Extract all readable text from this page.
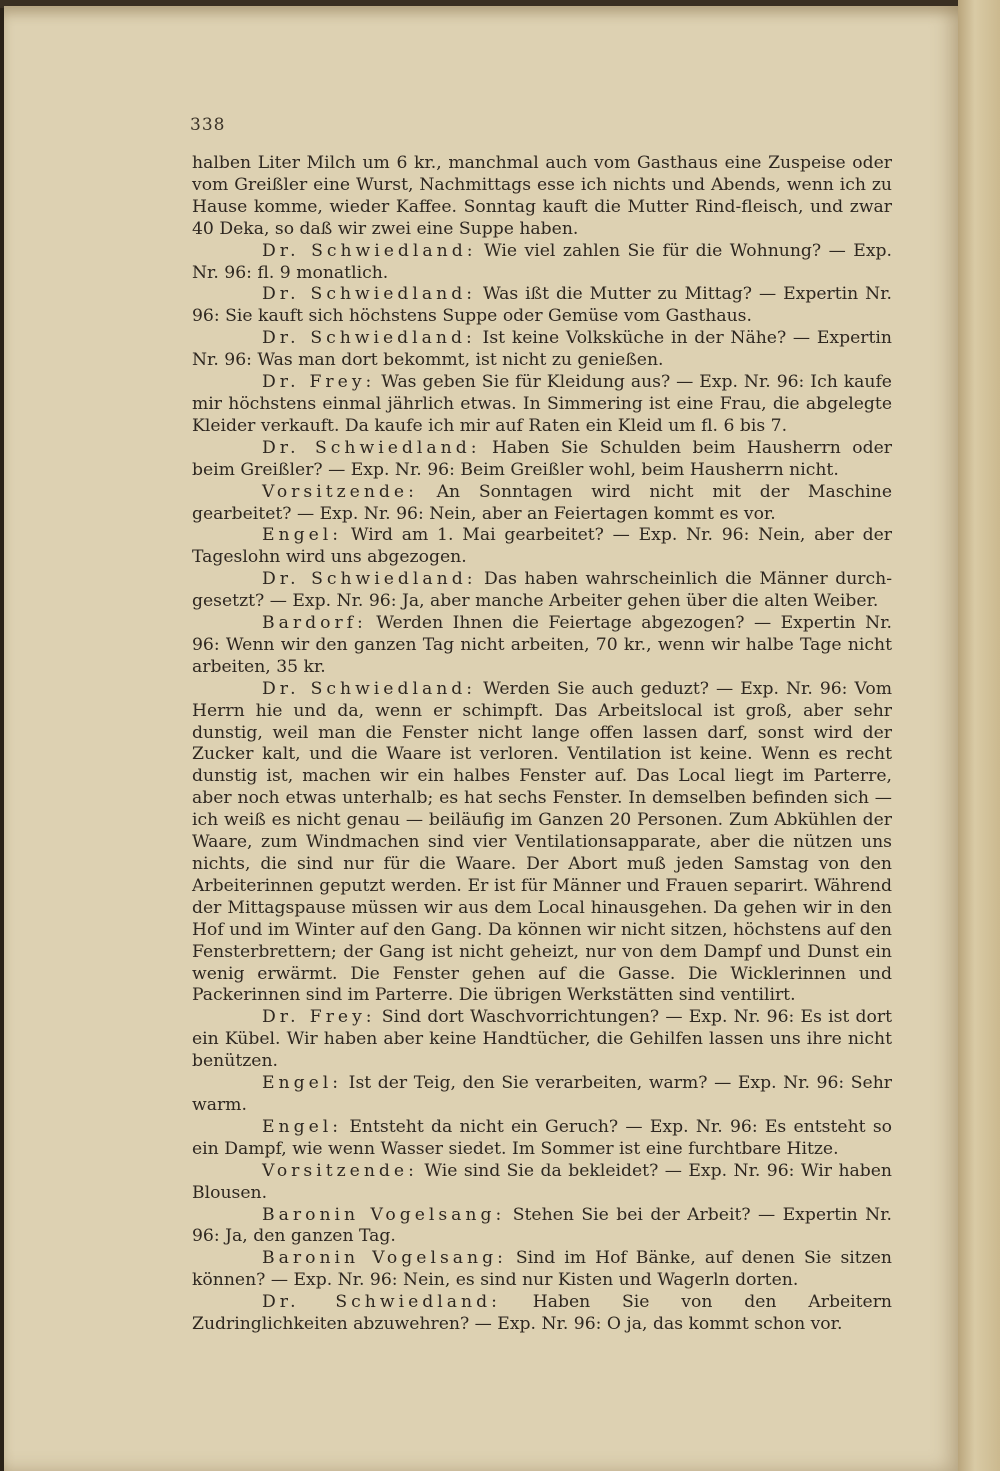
338

halben Liter Milch um 6 kr., manchmal auch vom Gasthaus eine Zuspeise oder vom Greißler eine Wurst, Nachmittags esse ich nichts und Abends, wenn ich zu Hause komme, wieder Kaffee. Sonntag kauft die Mutter Rind-fleisch, und zwar 40 Deka, so daß wir zwei eine Suppe haben.

Dr. Schwiedland: Wie viel zahlen Sie für die Wohnung? — Exp. Nr. 96: fl. 9 monatlich.

Dr. Schwiedland: Was ißt die Mutter zu Mittag? — Expertin Nr. 96: Sie kauft sich höchstens Suppe oder Gemüse vom Gasthaus.

Dr. Schwiedland: Ist keine Volksküche in der Nähe? — Expertin Nr. 96: Was man dort bekommt, ist nicht zu genießen.

Dr. Frey: Was geben Sie für Kleidung aus? — Exp. Nr. 96: Ich kaufe mir höchstens einmal jährlich etwas. In Simmering ist eine Frau, die abgelegte Kleider verkauft. Da kaufe ich mir auf Raten ein Kleid um fl. 6 bis 7.

Dr. Schwiedland: Haben Sie Schulden beim Hausherrn oder beim Greißler? — Exp. Nr. 96: Beim Greißler wohl, beim Hausherrn nicht.

Vorsitzende: An Sonntagen wird nicht mit der Maschine gearbeitet? — Exp. Nr. 96: Nein, aber an Feiertagen kommt es vor.

Engel: Wird am 1. Mai gearbeitet? — Exp. Nr. 96: Nein, aber der Tageslohn wird uns abgezogen.

Dr. Schwiedland: Das haben wahrscheinlich die Männer durch-gesetzt? — Exp. Nr. 96: Ja, aber manche Arbeiter gehen über die alten Weiber.

Bardorf: Werden Ihnen die Feiertage abgezogen? — Expertin Nr. 96: Wenn wir den ganzen Tag nicht arbeiten, 70 kr., wenn wir halbe Tage nicht arbeiten, 35 kr.

Dr. Schwiedland: Werden Sie auch geduzt? — Exp. Nr. 96: Vom Herrn hie und da, wenn er schimpft. Das Arbeitslocal ist groß, aber sehr dunstig, weil man die Fenster nicht lange offen lassen darf, sonst wird der Zucker kalt, und die Waare ist verloren. Ventilation ist keine. Wenn es recht dunstig ist, machen wir ein halbes Fenster auf. Das Local liegt im Parterre, aber noch etwas unterhalb; es hat sechs Fenster. In demselben befinden sich — ich weiß es nicht genau — beiläufig im Ganzen 20 Personen. Zum Abkühlen der Waare, zum Windmachen sind vier Ventilationsapparate, aber die nützen uns nichts, die sind nur für die Waare. Der Abort muß jeden Samstag von den Arbeiterinnen geputzt werden. Er ist für Männer und Frauen separirt. Während der Mittagspause müssen wir aus dem Local hinausgehen. Da gehen wir in den Hof und im Winter auf den Gang. Da können wir nicht sitzen, höchstens auf den Fensterbrettern; der Gang ist nicht geheizt, nur von dem Dampf und Dunst ein wenig erwärmt. Die Fenster gehen auf die Gasse. Die Wicklerinnen und Packerinnen sind im Parterre. Die übrigen Werkstätten sind ventilirt.

Dr. Frey: Sind dort Waschvorrichtungen? — Exp. Nr. 96: Es ist dort ein Kübel. Wir haben aber keine Handtücher, die Gehilfen lassen uns ihre nicht benützen.

Engel: Ist der Teig, den Sie verarbeiten, warm? — Exp. Nr. 96: Sehr warm.

Engel: Entsteht da nicht ein Geruch? — Exp. Nr. 96: Es entsteht so ein Dampf, wie wenn Wasser siedet. Im Sommer ist eine furchtbare Hitze.

Vorsitzende: Wie sind Sie da bekleidet? — Exp. Nr. 96: Wir haben Blousen.

Baronin Vogelsang: Stehen Sie bei der Arbeit? — Expertin Nr. 96: Ja, den ganzen Tag.

Baronin Vogelsang: Sind im Hof Bänke, auf denen Sie sitzen können? — Exp. Nr. 96: Nein, es sind nur Kisten und Wagerln dorten.

Dr. Schwiedland: Haben Sie von den Arbeitern Zudringlichkeiten abzuwehren? — Exp. Nr. 96: O ja, das kommt schon vor.
